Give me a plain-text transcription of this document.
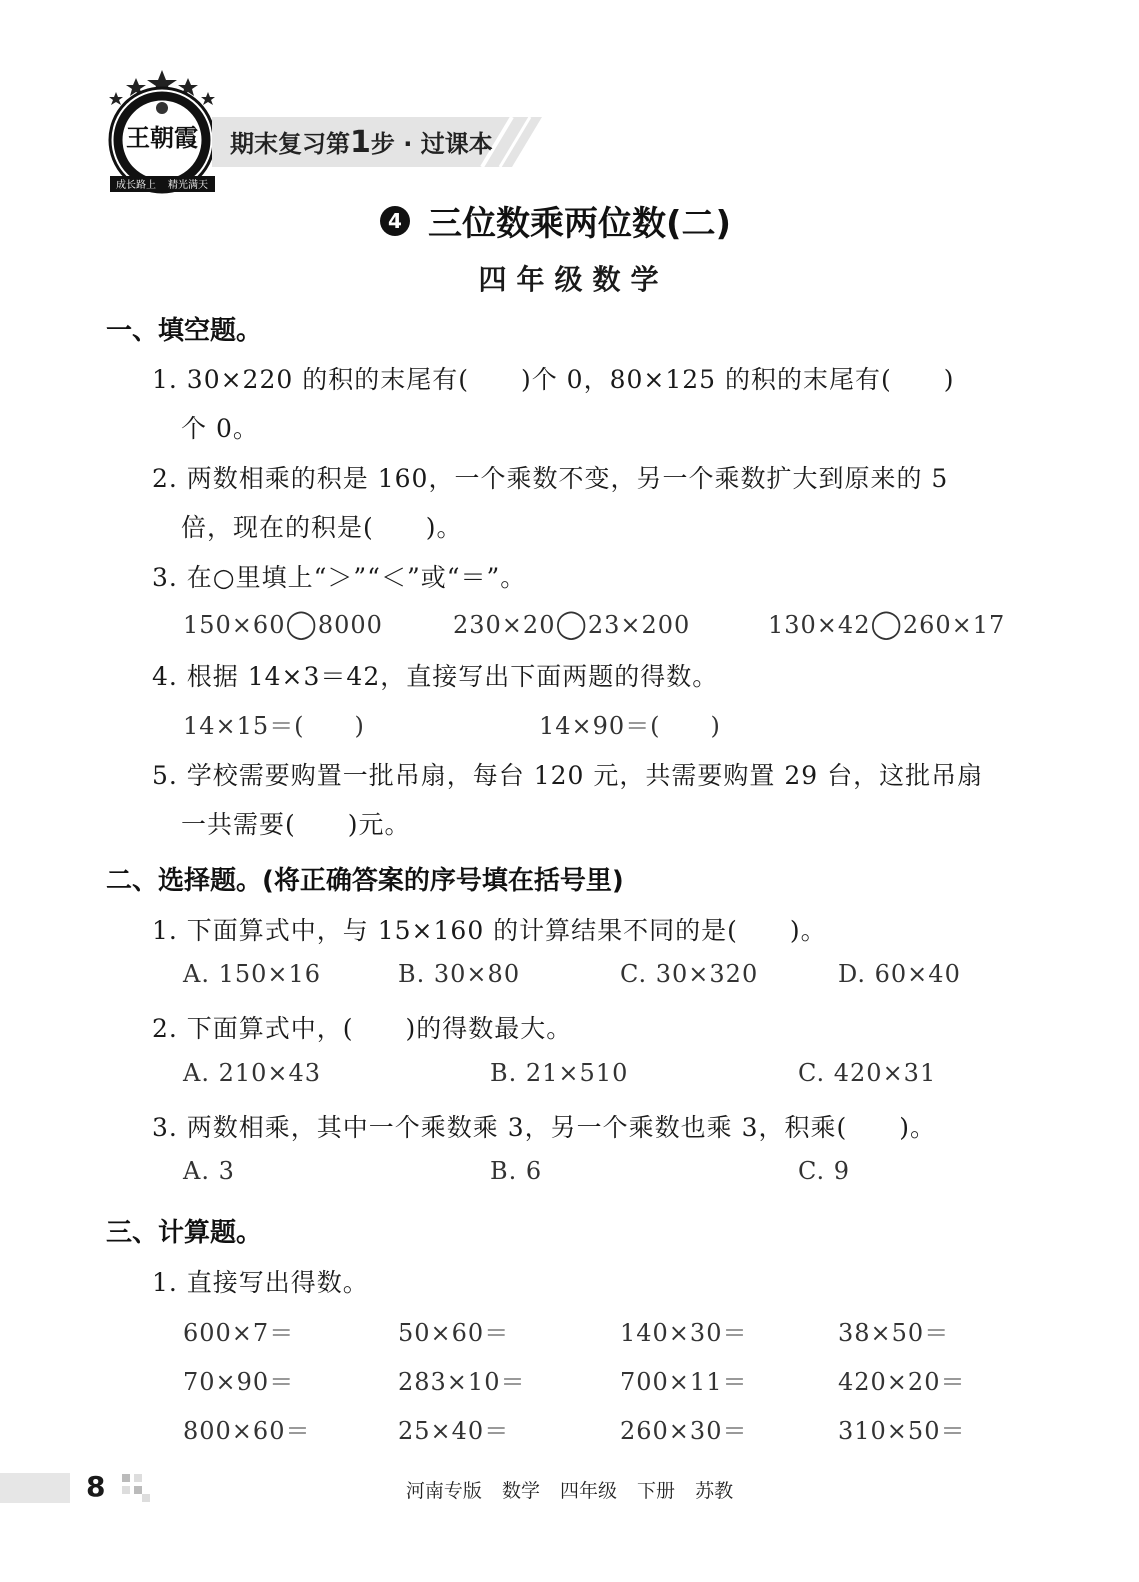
王朝霞
成长路上 精光满天
期末复习第1步 · 过课本
4 三位数乘两位数(二)
四年级数学
一、填空题。
1. 30×220 的积的末尾有(　　)个 0，80×125 的积的末尾有(　　)
个 0。
2. 两数相乘的积是 160，一个乘数不变，另一个乘数扩大到原来的 5
倍，现在的积是(　　)。
3. 在○里填上“＞”“＜”或“＝”。
150×60◯8000	230×20◯23×200	130×42◯260×17
4. 根据 14×3＝42，直接写出下面两题的得数。
14×15＝(　　)	14×90＝(　　)
5. 学校需要购置一批吊扇，每台 120 元，共需要购置 29 台，这批吊扇
一共需要(　　)元。
二、选择题。(将正确答案的序号填在括号里)
1. 下面算式中，与 15×160 的计算结果不同的是(　　)。
A. 150×16	B. 30×80	C. 30×320	D. 60×40
2. 下面算式中，(　　)的得数最大。
A. 210×43	B. 21×510	C. 420×31
3. 两数相乘，其中一个乘数乘 3，另一个乘数也乘 3，积乘(　　)。
A. 3	B. 6	C. 9
三、计算题。
1. 直接写出得数。
600×7＝	50×60＝	140×30＝	38×50＝
70×90＝	283×10＝	700×11＝	420×20＝
800×60＝	25×40＝	260×30＝	310×50＝
8	河南专版 数学 四年级 下册 苏教
